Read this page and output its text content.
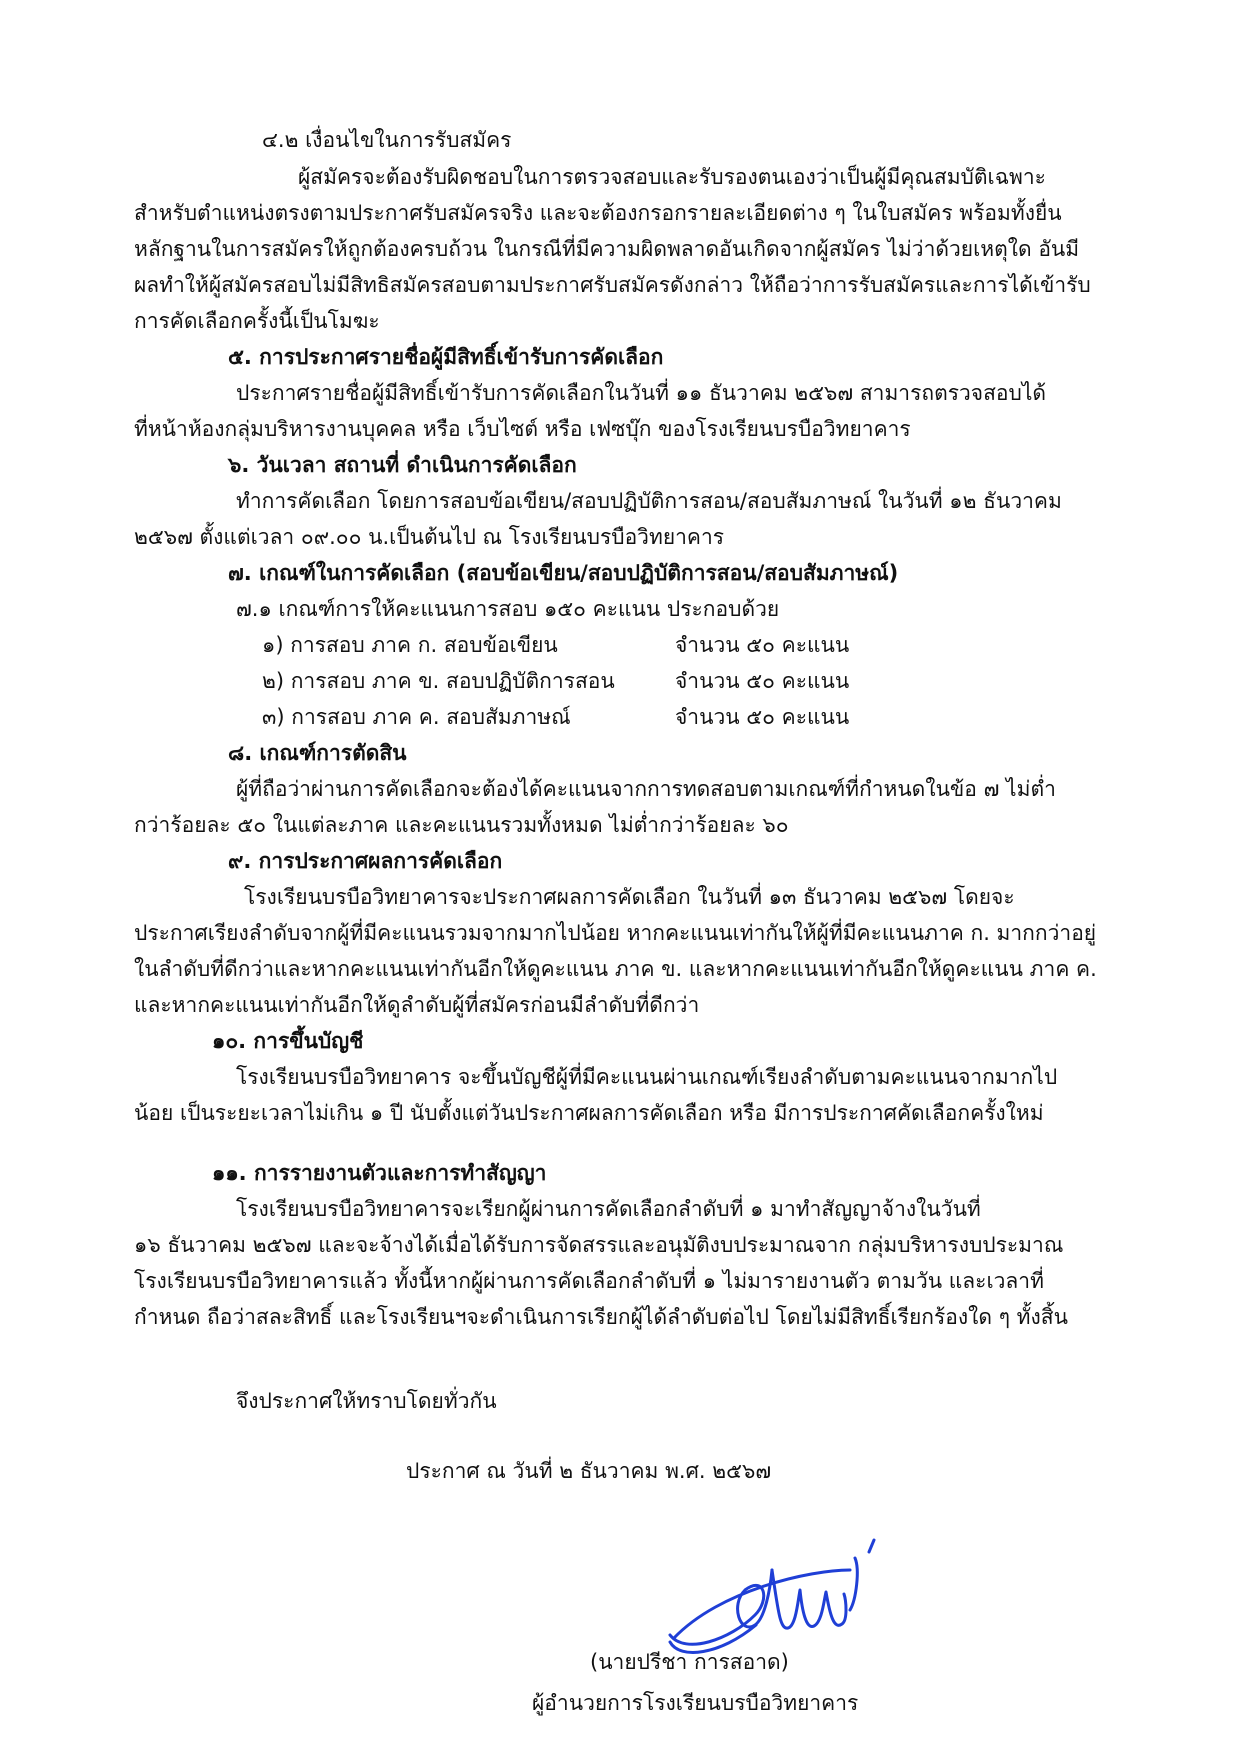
๔.๒ เงื่อนไขในการรับสมัคร
ผู้สมัครจะต้องรับผิดชอบในการตรวจสอบและรับรองตนเองว่าเป็นผู้มีคุณสมบัติเฉพาะ
สำหรับตำแหน่งตรงตามประกาศรับสมัครจริง และจะต้องกรอกรายละเอียดต่าง ๆ ในใบสมัคร พร้อมทั้งยื่น
หลักฐานในการสมัครให้ถูกต้องครบถ้วน ในกรณีที่มีความผิดพลาดอันเกิดจากผู้สมัคร ไม่ว่าด้วยเหตุใด อันมี
ผลทำให้ผู้สมัครสอบไม่มีสิทธิสมัครสอบตามประกาศรับสมัครดังกล่าว ให้ถือว่าการรับสมัครและการได้เข้ารับ
การคัดเลือกครั้งนี้เป็นโมฆะ
๕. การประกาศรายชื่อผู้มีสิทธิ์เข้ารับการคัดเลือก
ประกาศรายชื่อผู้มีสิทธิ์เข้ารับการคัดเลือกในวันที่ ๑๑ ธันวาคม ๒๕๖๗ สามารถตรวจสอบได้
ที่หน้าห้องกลุ่มบริหารงานบุคคล หรือ เว็บไซต์ หรือ เฟซบุ๊ก ของโรงเรียนบรบือวิทยาคาร
๖. วันเวลา สถานที่ ดำเนินการคัดเลือก
ทำการคัดเลือก โดยการสอบข้อเขียน/สอบปฏิบัติการสอน/สอบสัมภาษณ์ ในวันที่ ๑๒ ธันวาคม
๒๕๖๗ ตั้งแต่เวลา ๐๙.๐๐ น.เป็นต้นไป ณ โรงเรียนบรบือวิทยาคาร
๗. เกณฑ์ในการคัดเลือก (สอบข้อเขียน/สอบปฏิบัติการสอน/สอบสัมภาษณ์)
๗.๑ เกณฑ์การให้คะแนนการสอบ ๑๕๐ คะแนน ประกอบด้วย
๑) การสอบ ภาค ก. สอบข้อเขียน	จำนวน ๕๐ คะแนน
๒) การสอบ ภาค ข. สอบปฏิบัติการสอน	จำนวน ๕๐ คะแนน
๓) การสอบ ภาค ค. สอบสัมภาษณ์	จำนวน ๕๐ คะแนน
๘. เกณฑ์การตัดสิน
ผู้ที่ถือว่าผ่านการคัดเลือกจะต้องได้คะแนนจากการทดสอบตามเกณฑ์ที่กำหนดในข้อ ๗ ไม่ต่ำ
กว่าร้อยละ ๕๐ ในแต่ละภาค และคะแนนรวมทั้งหมด ไม่ต่ำกว่าร้อยละ ๖๐
๙. การประกาศผลการคัดเลือก
โรงเรียนบรบือวิทยาคารจะประกาศผลการคัดเลือก ในวันที่ ๑๓ ธันวาคม ๒๕๖๗ โดยจะ
ประกาศเรียงลำดับจากผู้ที่มีคะแนนรวมจากมากไปน้อย หากคะแนนเท่ากันให้ผู้ที่มีคะแนนภาค ก. มากกว่าอยู่
ในลำดับที่ดีกว่าและหากคะแนนเท่ากันอีกให้ดูคะแนน ภาค ข. และหากคะแนนเท่ากันอีกให้ดูคะแนน ภาค ค.
และหากคะแนนเท่ากันอีกให้ดูลำดับผู้ที่สมัครก่อนมีลำดับที่ดีกว่า
๑๐. การขึ้นบัญชี
โรงเรียนบรบือวิทยาคาร จะขึ้นบัญชีผู้ที่มีคะแนนผ่านเกณฑ์เรียงลำดับตามคะแนนจากมากไป
น้อย เป็นระยะเวลาไม่เกิน ๑ ปี นับตั้งแต่วันประกาศผลการคัดเลือก หรือ มีการประกาศคัดเลือกครั้งใหม่
๑๑. การรายงานตัวและการทำสัญญา
โรงเรียนบรบือวิทยาคารจะเรียกผู้ผ่านการคัดเลือกลำดับที่ ๑ มาทำสัญญาจ้างในวันที่
๑๖ ธันวาคม ๒๕๖๗ และจะจ้างได้เมื่อได้รับการจัดสรรและอนุมัติงบประมาณจาก กลุ่มบริหารงบประมาณ
โรงเรียนบรบือวิทยาคารแล้ว ทั้งนี้หากผู้ผ่านการคัดเลือกลำดับที่ ๑ ไม่มารายงานตัว ตามวัน และเวลาที่
กำหนด ถือว่าสละสิทธิ์ และโรงเรียนฯจะดำเนินการเรียกผู้ได้ลำดับต่อไป โดยไม่มีสิทธิ์เรียกร้องใด ๆ ทั้งสิ้น
จึงประกาศให้ทราบโดยทั่วกัน
ประกาศ ณ วันที่ ๒ ธันวาคม พ.ศ. ๒๕๖๗
(นายปรีชา การสอาด)
ผู้อำนวยการโรงเรียนบรบือวิทยาคาร
